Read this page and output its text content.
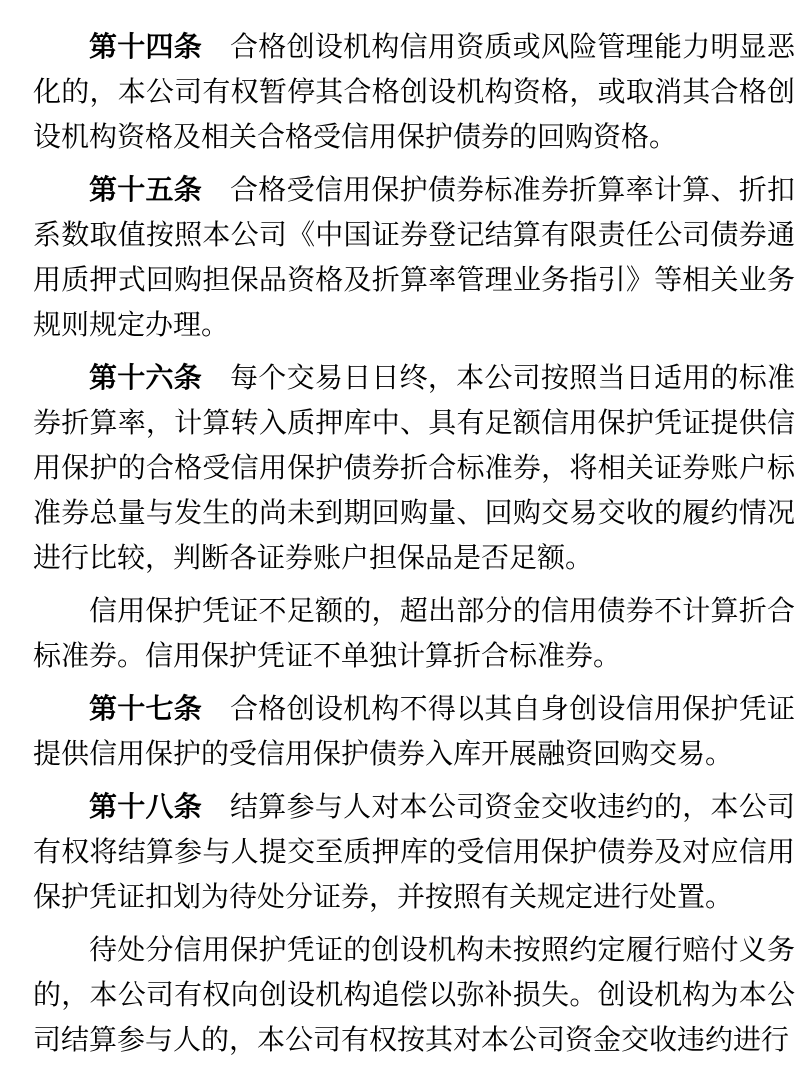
第十四条 合格创设机构信用资质或风险管理能力明显恶化的，本公司有权暂停其合格创设机构资格，或取消其合格创设机构资格及相关合格受信用保护债券的回购资格。

第十五条 合格受信用保护债券标准券折算率计算、折扣系数取值按照本公司《中国证券登记结算有限责任公司债券通用质押式回购担保品资格及折算率管理业务指引》等相关业务规则规定办理。

第十六条 每个交易日日终，本公司按照当日适用的标准券折算率，计算转入质押库中、具有足额信用保护凭证提供信用保护的合格受信用保护债券折合标准券，将相关证券账户标准券总量与发生的尚未到期回购量、回购交易交收的履约情况进行比较，判断各证券账户担保品是否足额。

信用保护凭证不足额的，超出部分的信用债券不计算折合标准券。信用保护凭证不单独计算折合标准券。

第十七条 合格创设机构不得以其自身创设信用保护凭证提供信用保护的受信用保护债券入库开展融资回购交易。

第十八条 结算参与人对本公司资金交收违约的，本公司有权将结算参与人提交至质押库的受信用保护债券及对应信用保护凭证扣划为待处分证券，并按照有关规定进行处置。

待处分信用保护凭证的创设机构未按照约定履行赔付义务的，本公司有权向创设机构追偿以弥补损失。创设机构为本公司结算参与人的，本公司有权按其对本公司资金交收违约进行
